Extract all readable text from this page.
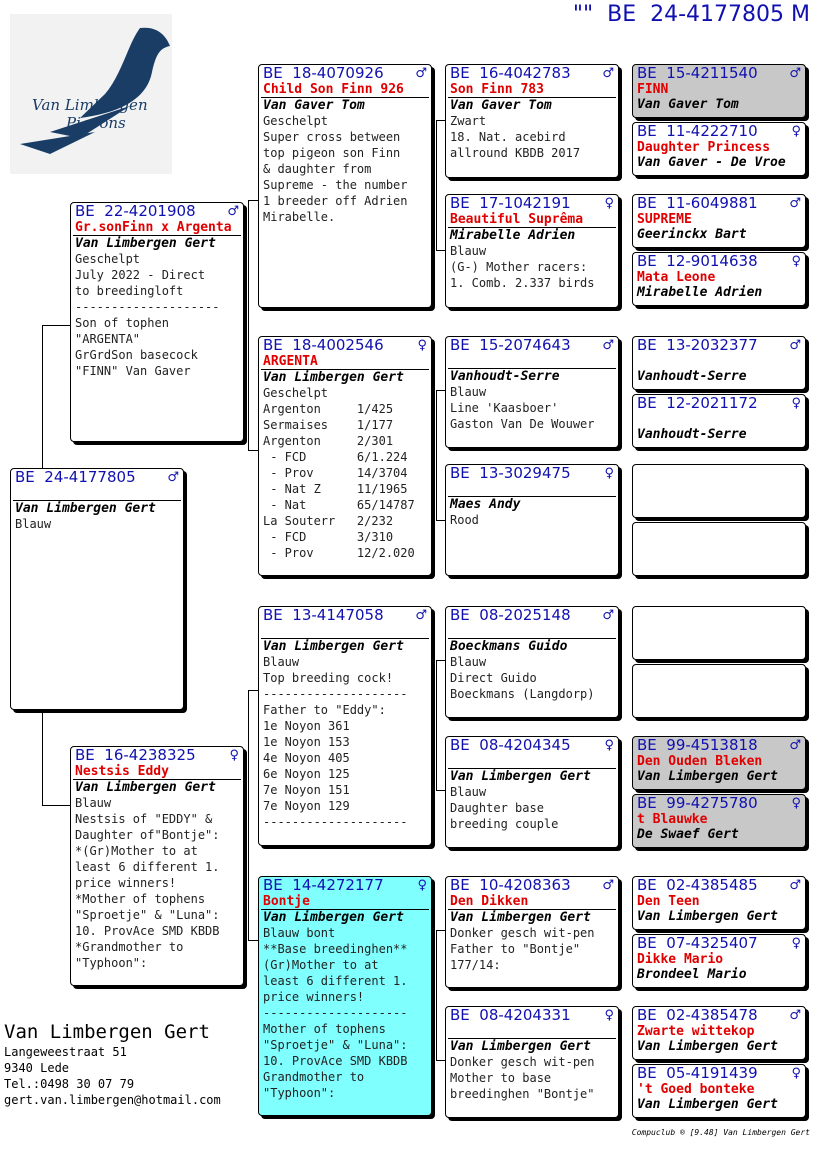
""  BE  24-4177805 M
Van Limbergen
Pigeons
BE  24-4177805 ♂
Van Limbergen Gert
Blauw
BE  22-4201908 ♂
Gr.sonFinn x Argenta
Van Limbergen Gert
Geschelpt
July 2022 - Direct
to breedingloft
--------------------
Son of tophen
"ARGENTA"
GrGrdSon basecock
"FINN" Van Gaver
BE  16-4238325	♀
Nestsis Eddy
Van Limbergen Gert
Blauw
Nestsis of "EDDY" &
Daughter of"Bontje":
*(Gr)Mother to at
least 6 different 1.
price winners!
*Mother of tophens
"Sproetje" & "Luna":
10. ProvAce SMD KBDB
*Grandmother to
"Typhoon":
BE  18-4070926 ♂
Child Son Finn 926
Van Gaver Tom
Geschelpt
Super cross between
top pigeon son Finn
& daughter from
Supreme - the number
1 breeder off Adrien
Mirabelle.
BE  18-4002546	♀
ARGENTA
Van Limbergen Gert
Geschelpt
Argenton     1/425
Sermaises    1/177
Argenton     2/301
- FCD       6/1.224
- Prov      14/3704
- Nat Z     11/1965
- Nat       65/14787
La Souterr   2/232
- FCD       3/310
- Prov      12/2.020
BE  13-4147058 ♂
Van Limbergen Gert
Blauw
Top breeding cock!
--------------------
Father to "Eddy":
1e Noyon 361
1e Noyon 153
4e Noyon 405
6e Noyon 125
7e Noyon 151
7e Noyon 129
--------------------
BE  14-4272177	♀
Bontje
Van Limbergen Gert
Blauw bont
**Base breedinghen**
(Gr)Mother to at
least 6 different 1.
price winners!
--------------------
Mother of tophens
"Sproetje" & "Luna":
10. ProvAce SMD KBDB
Grandmother to
"Typhoon":
BE  16-4042783 ♂
Son Finn 783
Van Gaver Tom
Zwart
18. Nat. acebird
allround KBDB 2017
BE  17-1042191	♀
Beautiful Suprêma
Mirabelle Adrien
Blauw
(G-) Mother racers:
1. Comb. 2.337 birds
BE  15-2074643 ♂
Vanhoudt-Serre
Blauw
Line 'Kaasboer'
Gaston Van De Wouwer
BE  13-3029475	♀
Maes Andy
Rood
BE  08-2025148 ♂
Boeckmans Guido
Blauw
Direct Guido
Boeckmans (Langdorp)
BE  08-4204345	♀
Van Limbergen Gert
Blauw
Daughter base
breeding couple
BE  10-4208363 ♂
Den Dikken
Van Limbergen Gert
Donker gesch wit-pen
Father to "Bontje"
177/14:
BE  08-4204331	♀
Van Limbergen Gert
Donker gesch wit-pen
Mother to base
breedinghen "Bontje"
BE  15-4211540 ♂
FINN
Van Gaver Tom
BE  11-4222710	♀
Daughter Princess
Van Gaver - De Vroe
BE  11-6049881 ♂
SUPREME
Geerinckx Bart
BE  12-9014638	♀
Mata Leone
Mirabelle Adrien
BE  13-2032377 ♂
Vanhoudt-Serre
BE  12-2021172	♀
Vanhoudt-Serre
BE  99-4513818 ♂
Den Ouden Bleken
Van Limbergen Gert
BE  99-4275780	♀
t Blauwke
De Swaef Gert
BE  02-4385485 ♂
Den Teen
Van Limbergen Gert
BE  07-4325407	♀
Dikke Mario
Brondeel Mario
BE  02-4385478 ♂
Zwarte wittekop
Van Limbergen Gert
BE  05-4191439	♀
't Goed bonteke
Van Limbergen Gert
Van Limbergen Gert
Langeweestraat 51
9340 Lede
Tel.:0498 30 07 79
gert.van.limbergen@hotmail.com
Compuclub ® [9.48] Van Limbergen Gert
